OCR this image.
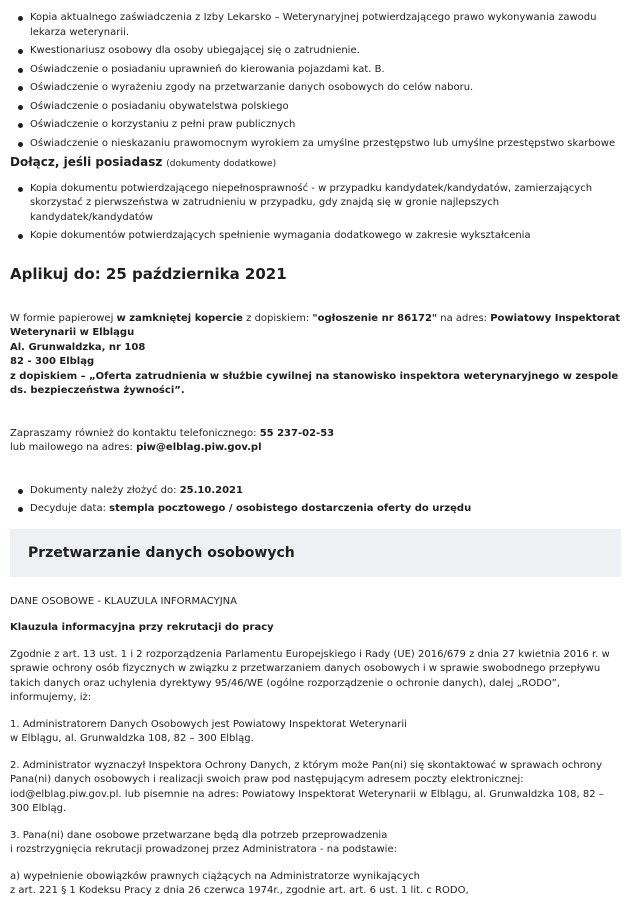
Kopia aktualnego zaświadczenia z Izby Lekarsko – Weterynaryjnej potwierdzającego prawo wykonywania zawodu lekarza weterynarii.
Kwestionariusz osobowy dla osoby ubiegającej się o zatrudnienie.
Oświadczenie o posiadaniu uprawnień do kierowania pojazdami kat. B.
Oświadczenie o wyrażeniu zgody na przetwarzanie danych osobowych do celów naboru.
Oświadczenie o posiadaniu obywatelstwa polskiego
Oświadczenie o korzystaniu z pełni praw publicznych
Oświadczenie o nieskazaniu prawomocnym wyrokiem za umyślne przestępstwo lub umyślne przestępstwo skarbowe
Dołącz, jeśli posiadasz (dokumenty dodatkowe)
Kopia dokumentu potwierdzającego niepełnosprawność - w przypadku kandydatek/kandydatów, zamierzających skorzystać z pierwszeństwa w zatrudnieniu w przypadku, gdy znajdą się w gronie najlepszych kandydatek/kandydatów
Kopie dokumentów potwierdzających spełnienie wymagania dodatkowego w zakresie wykształcenia
Aplikuj do: 25 października 2021

W formie papierowej w zamkniętej kopercie z dopiskiem: "ogłoszenie nr 86172" na adres: Powiatowy Inspektorat Weterynarii w Elblągu

Al. Grunwaldzka, nr 108

82 - 300 Elbląg

z dopiskiem – „Oferta zatrudnienia w służbie cywilnej na stanowisko inspektora weterynaryjnego w zespole ds. bezpieczeństwa żywności”.

Zapraszamy również do kontaktu telefonicznego: 55 237-02-53

lub mailowego na adres: piw@elblag.piw.gov.pl

Dokumenty należy złożyć do: 25.10.2021
Decyduje data: stempla pocztowego / osobistego dostarczenia oferty do urzędu
Przetwarzanie danych osobowych

DANE OSOBOWE - KLAUZULA INFORMACYJNA

Klauzula informacyjna przy rekrutacji do pracy

Zgodnie z art. 13 ust. 1 i 2 rozporządzenia Parlamentu Europejskiego i Rady (UE) 2016/679 z dnia 27 kwietnia 2016 r. w sprawie ochrony osób fizycznych w związku z przetwarzaniem danych osobowych i w sprawie swobodnego przepływu takich danych oraz uchylenia dyrektywy 95/46/WE (ogólne rozporządzenie o ochronie danych), dalej „RODO”, informujemy, iż:

1. Administratorem Danych Osobowych jest Powiatowy Inspektorat Weterynarii
w Elblągu, al. Grunwaldzka 108, 82 – 300 Elbląg.

2. Administrator wyznaczył Inspektora Ochrony Danych, z którym może Pan(ni) się skontaktować w sprawach ochrony Pana(ni) danych osobowych i realizacji swoich praw pod następującym adresem poczty elektronicznej: iod@elblag.piw.gov.pl. lub pisemnie na adres: Powiatowy Inspektorat Weterynarii w Elblągu, al. Grunwaldzka 108, 82 – 300 Elbląg.

3. Pana(ni) dane osobowe przetwarzane będą dla potrzeb przeprowadzenia
i rozstrzygnięcia rekrutacji prowadzonej przez Administratora - na podstawie:

a) wypełnienie obowiązków prawnych ciążących na Administratorze wynikających
z art. 221 § 1 Kodeksu Pracy z dnia 26 czerwca 1974r., zgodnie art. art. 6 ust. 1 lit. c RODO,
